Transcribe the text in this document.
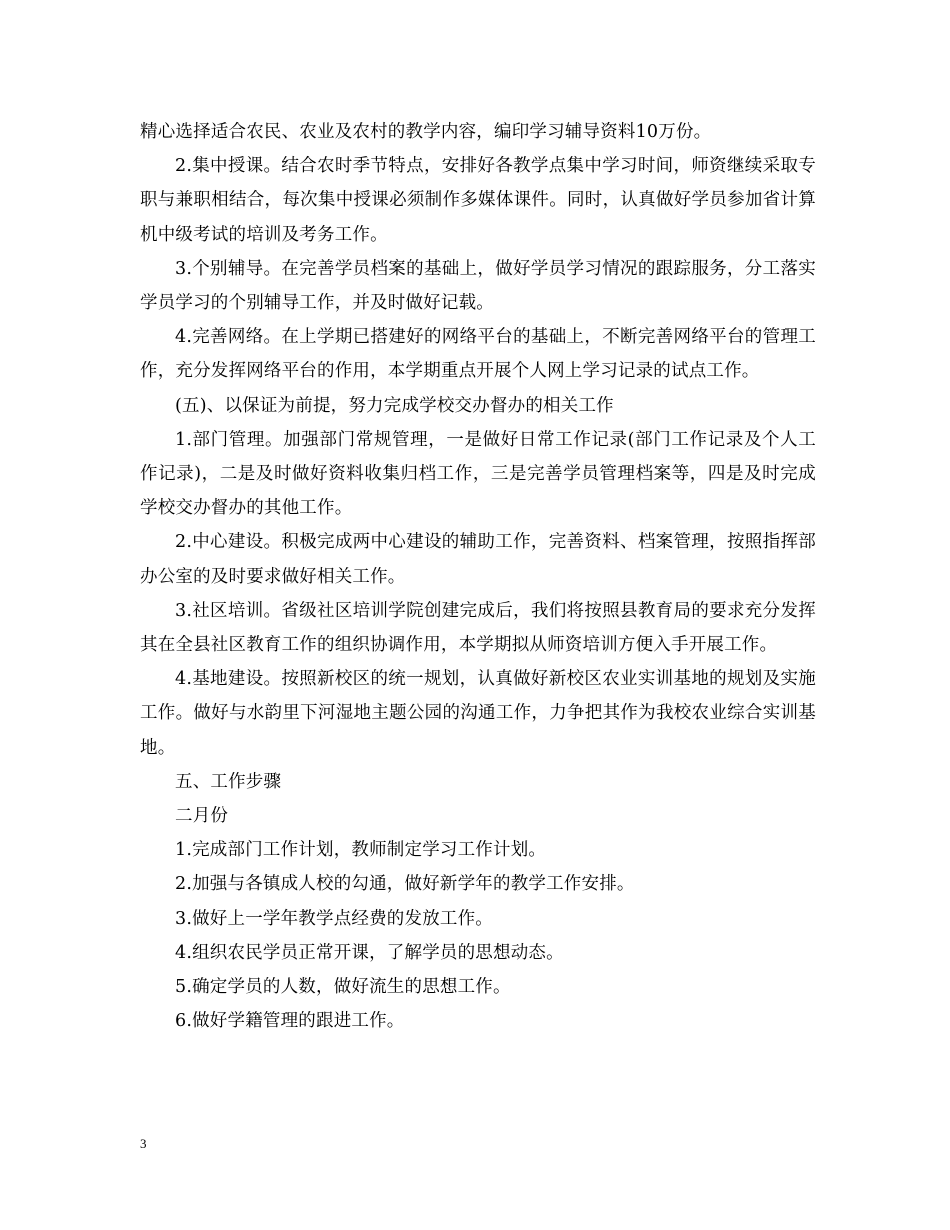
精心选择适合农民、农业及农村的教学内容，编印学习辅导资料10万份。

2.集中授课。结合农时季节特点，安排好各教学点集中学习时间，师资继续采取专职与兼职相结合，每次集中授课必须制作多媒体课件。同时，认真做好学员参加省计算机中级考试的培训及考务工作。

3.个别辅导。在完善学员档案的基础上，做好学员学习情况的跟踪服务，分工落实学员学习的个别辅导工作，并及时做好记载。

4.完善网络。在上学期已搭建好的网络平台的基础上，不断完善网络平台的管理工作，充分发挥网络平台的作用，本学期重点开展个人网上学习记录的试点工作。

(五)、以保证为前提，努力完成学校交办督办的相关工作

1.部门管理。加强部门常规管理，一是做好日常工作记录(部门工作记录及个人工作记录)，二是及时做好资料收集归档工作，三是完善学员管理档案等，四是及时完成学校交办督办的其他工作。

2.中心建设。积极完成两中心建设的辅助工作，完善资料、档案管理，按照指挥部办公室的及时要求做好相关工作。

3.社区培训。省级社区培训学院创建完成后，我们将按照县教育局的要求充分发挥其在全县社区教育工作的组织协调作用，本学期拟从师资培训方便入手开展工作。

4.基地建设。按照新校区的统一规划，认真做好新校区农业实训基地的规划及实施工作。做好与水韵里下河湿地主题公园的沟通工作，力争把其作为我校农业综合实训基地。

五、工作步骤

二月份

1.完成部门工作计划，教师制定学习工作计划。

2.加强与各镇成人校的勾通，做好新学年的教学工作安排。

3.做好上一学年教学点经费的发放工作。

4.组织农民学员正常开课，了解学员的思想动态。

5.确定学员的人数，做好流生的思想工作。

6.做好学籍管理的跟进工作。

3
